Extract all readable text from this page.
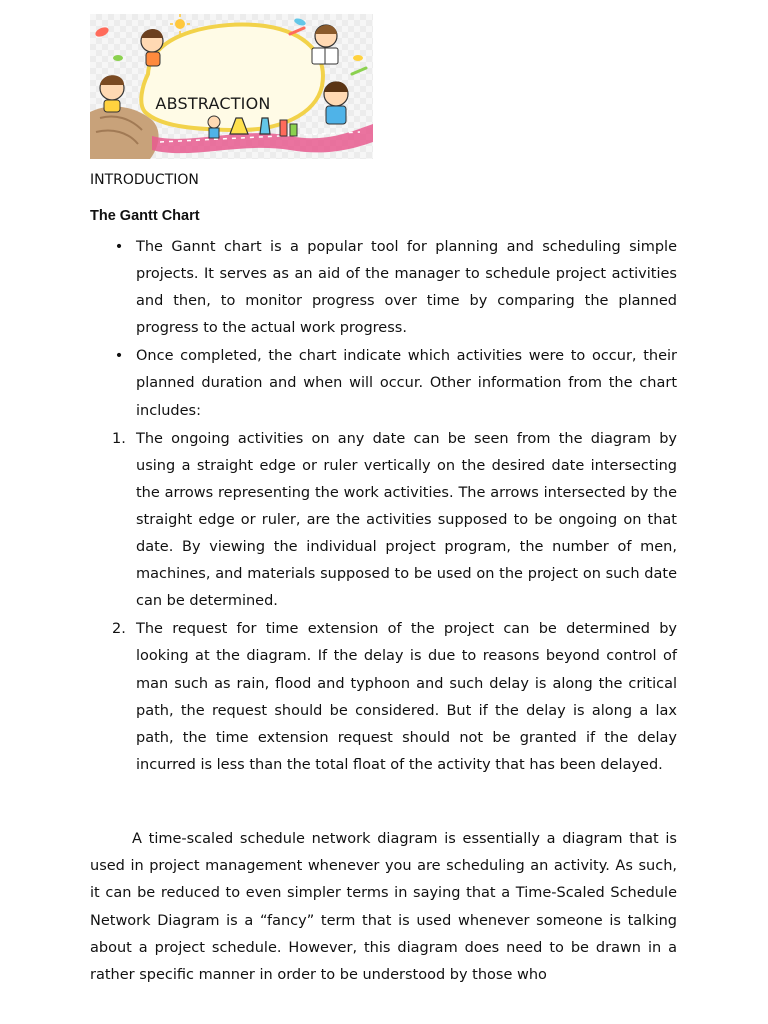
ABSTRACTION

INTRODUCTION

The Gantt Chart
• The Gannt chart is a popular tool for planning and scheduling simple projects. It serves as an aid of the manager to schedule project activities and then, to monitor progress over time by comparing the planned progress to the actual work progress.

• Once completed, the chart indicate which activities were to occur, their planned duration and when will occur. Other information from the chart includes:

1. The ongoing activities on any date can be seen from the diagram by using a straight edge or ruler vertically on the desired date intersecting the arrows representing the work activities. The arrows intersected by the straight edge or ruler, are the activities supposed to be ongoing on that date. By viewing the individual project program, the number of men, machines, and materials supposed to be used on the project on such date can be determined.

2. The request for time extension of the project can be determined by looking at the diagram. If the delay is due to reasons beyond control of man such as rain, flood and typhoon and such delay is along the critical path, the request should be considered. But if the delay is along a lax path, the time extension request should not be granted if the delay incurred is less than the total float of the activity that has been delayed.

A time-scaled schedule network diagram is essentially a diagram that is used in project management whenever you are scheduling an activity. As such, it can be reduced to even simpler terms in saying that a Time-Scaled Schedule Network Diagram is a “fancy” term that is used whenever someone is talking about a project schedule. However, this diagram does need to be drawn in a rather specific manner in order to be understood by those who
